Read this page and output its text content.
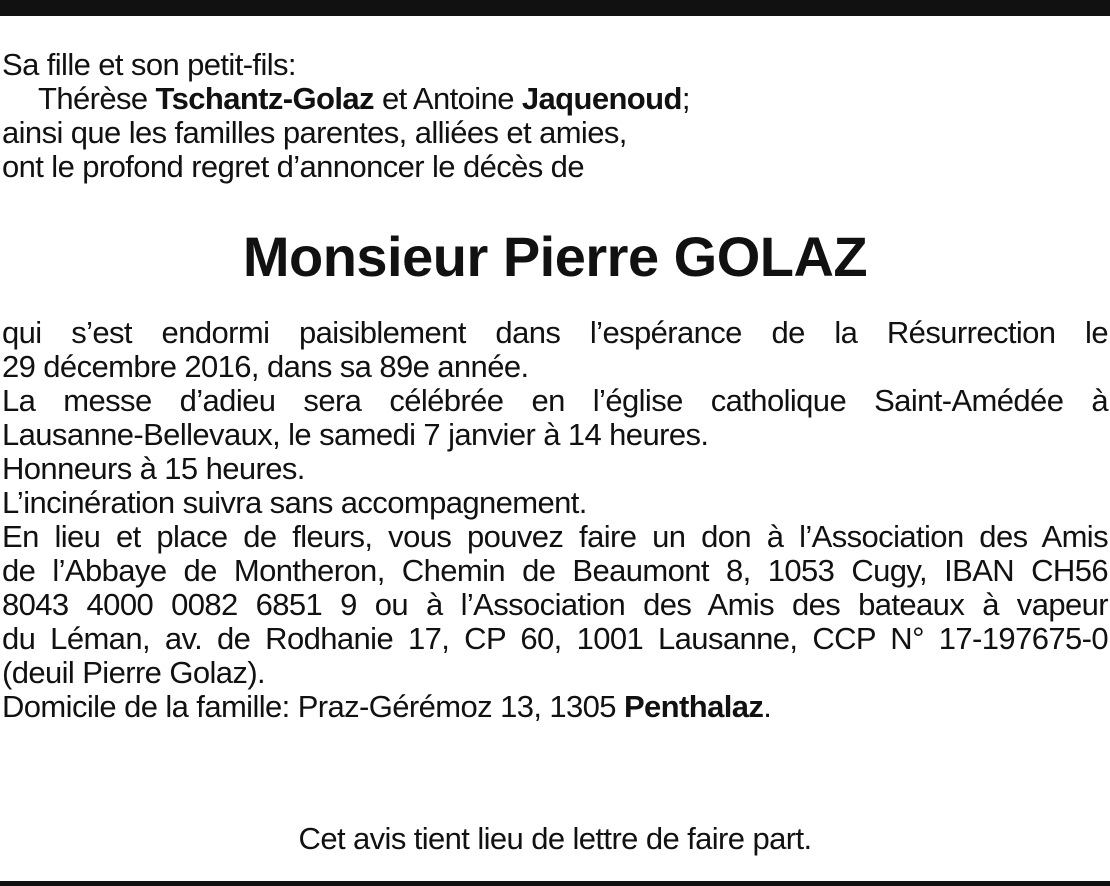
Sa fille et son petit-fils:
Thérèse Tschantz-Golaz et Antoine Jaquenoud;
ainsi que les familles parentes, alliées et amies,
ont le profond regret d’annoncer le décès de
Monsieur Pierre GOLAZ
qui s’est endormi paisiblement dans l’espérance de la Résurrection le
29 décembre 2016, dans sa 89e année.
La messe d’adieu sera célébrée en l’église catholique Saint-Amédée à
Lausanne-Bellevaux, le samedi 7 janvier à 14 heures.
Honneurs à 15 heures.
L’incinération suivra sans accompagnement.
En lieu et place de fleurs, vous pouvez faire un don à l’Association des Amis
de l’Abbaye de Montheron, Chemin de Beaumont 8, 1053 Cugy, IBAN CH56
8043 4000 0082 6851 9 ou à l’Association des Amis des bateaux à vapeur
du Léman, av. de Rodhanie 17, CP 60, 1001 Lausanne, CCP N° 17-197675-0
(deuil Pierre Golaz).
Domicile de la famille: Praz-Gérémoz 13, 1305 Penthalaz.
Cet avis tient lieu de lettre de faire part.
